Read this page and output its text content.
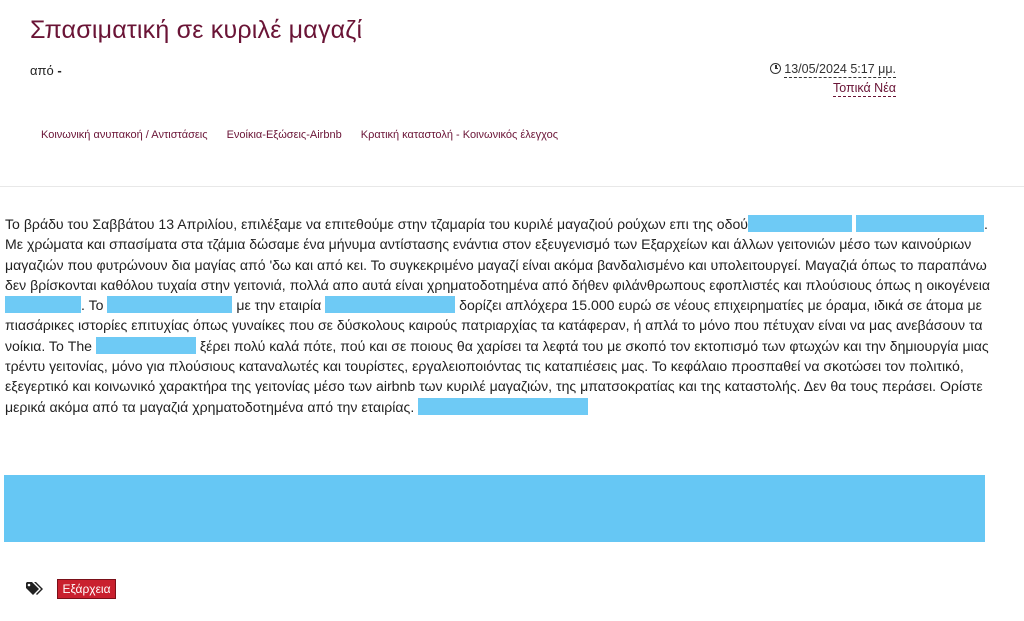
Σπασιματική σε κυριλέ μαγαζί
από -	13/05/2024 5:17 μμ.
Τοπικά Νέα
Κοινωνική ανυπακοή / Αντιστάσεις Ενοίκια-Εξώσεις-Airbnb Κρατική καταστολή - Κοινωνικός έλεγχος
Το βράδυ του Σαββάτου 13 Απριλίου, επιλέξαμε να επιτεθούμε στην τζαμαρία του κυριλέ μαγαζιού ρούχων επι της οδού	. Με χρώματα και σπασίματα στα τζάμια δώσαμε ένα μήνυμα αντίστασης ενάντια στον εξευγενισμό των Εξαρχείων και άλλων γειτονιών μέσο των καινούριων μαγαζιών που φυτρώνουν δια μαγίας από 'δω και από κει. Το συγκεκριμένο μαγαζί είναι ακόμα βανδαλισμένο και υπολειτουργεί. Μαγαζιά όπως το παραπάνω δεν βρίσκονται καθόλου τυχαία στην γειτονιά, πολλά απο αυτά είναι χρηματοδοτημένα από δήθεν φιλάνθρωπους εφοπλιστές και πλούσιους όπως η οικογένεια . Το	με την εταιρία	δορίζει απλόχερα 15.000 ευρώ σε νέους επιχειρηματίες με όραμα, ιδικά σε άτομα με πιασάρικες ιστορίες επιτυχίας όπως γυναίκες που σε δύσκολους καιρούς πατριαρχίας τα κατάφεραν, ή απλά το μόνο που πέτυχαν είναι να μας ανεβάσουν τα νοίκια. Το The	ξέρει πολύ καλά πότε, πού και σε ποιους θα χαρίσει τα λεφτά του με σκοπό τον εκτοπισμό των φτωχών και την δημιουργία μιας τρέντυ γειτονίας, μόνο για πλούσιους καταναλωτές και τουρίστες, εργαλειοποιόντας τις καταπιέσεις μας. Το κεφάλαιο προσπαθεί να σκοτώσει τον πολιτικό, εξεγερτικό και κοινωνικό χαρακτήρα της γειτονίας μέσο των airbnb των κυριλέ μαγαζιών, της μπατσοκρατίας και της καταστολής. Δεν θα τους περάσει. Ορίστε μερικά ακόμα από τα μαγαζιά χρηματοδοτημένα από την εταιρίας.
Εξάρχεια
